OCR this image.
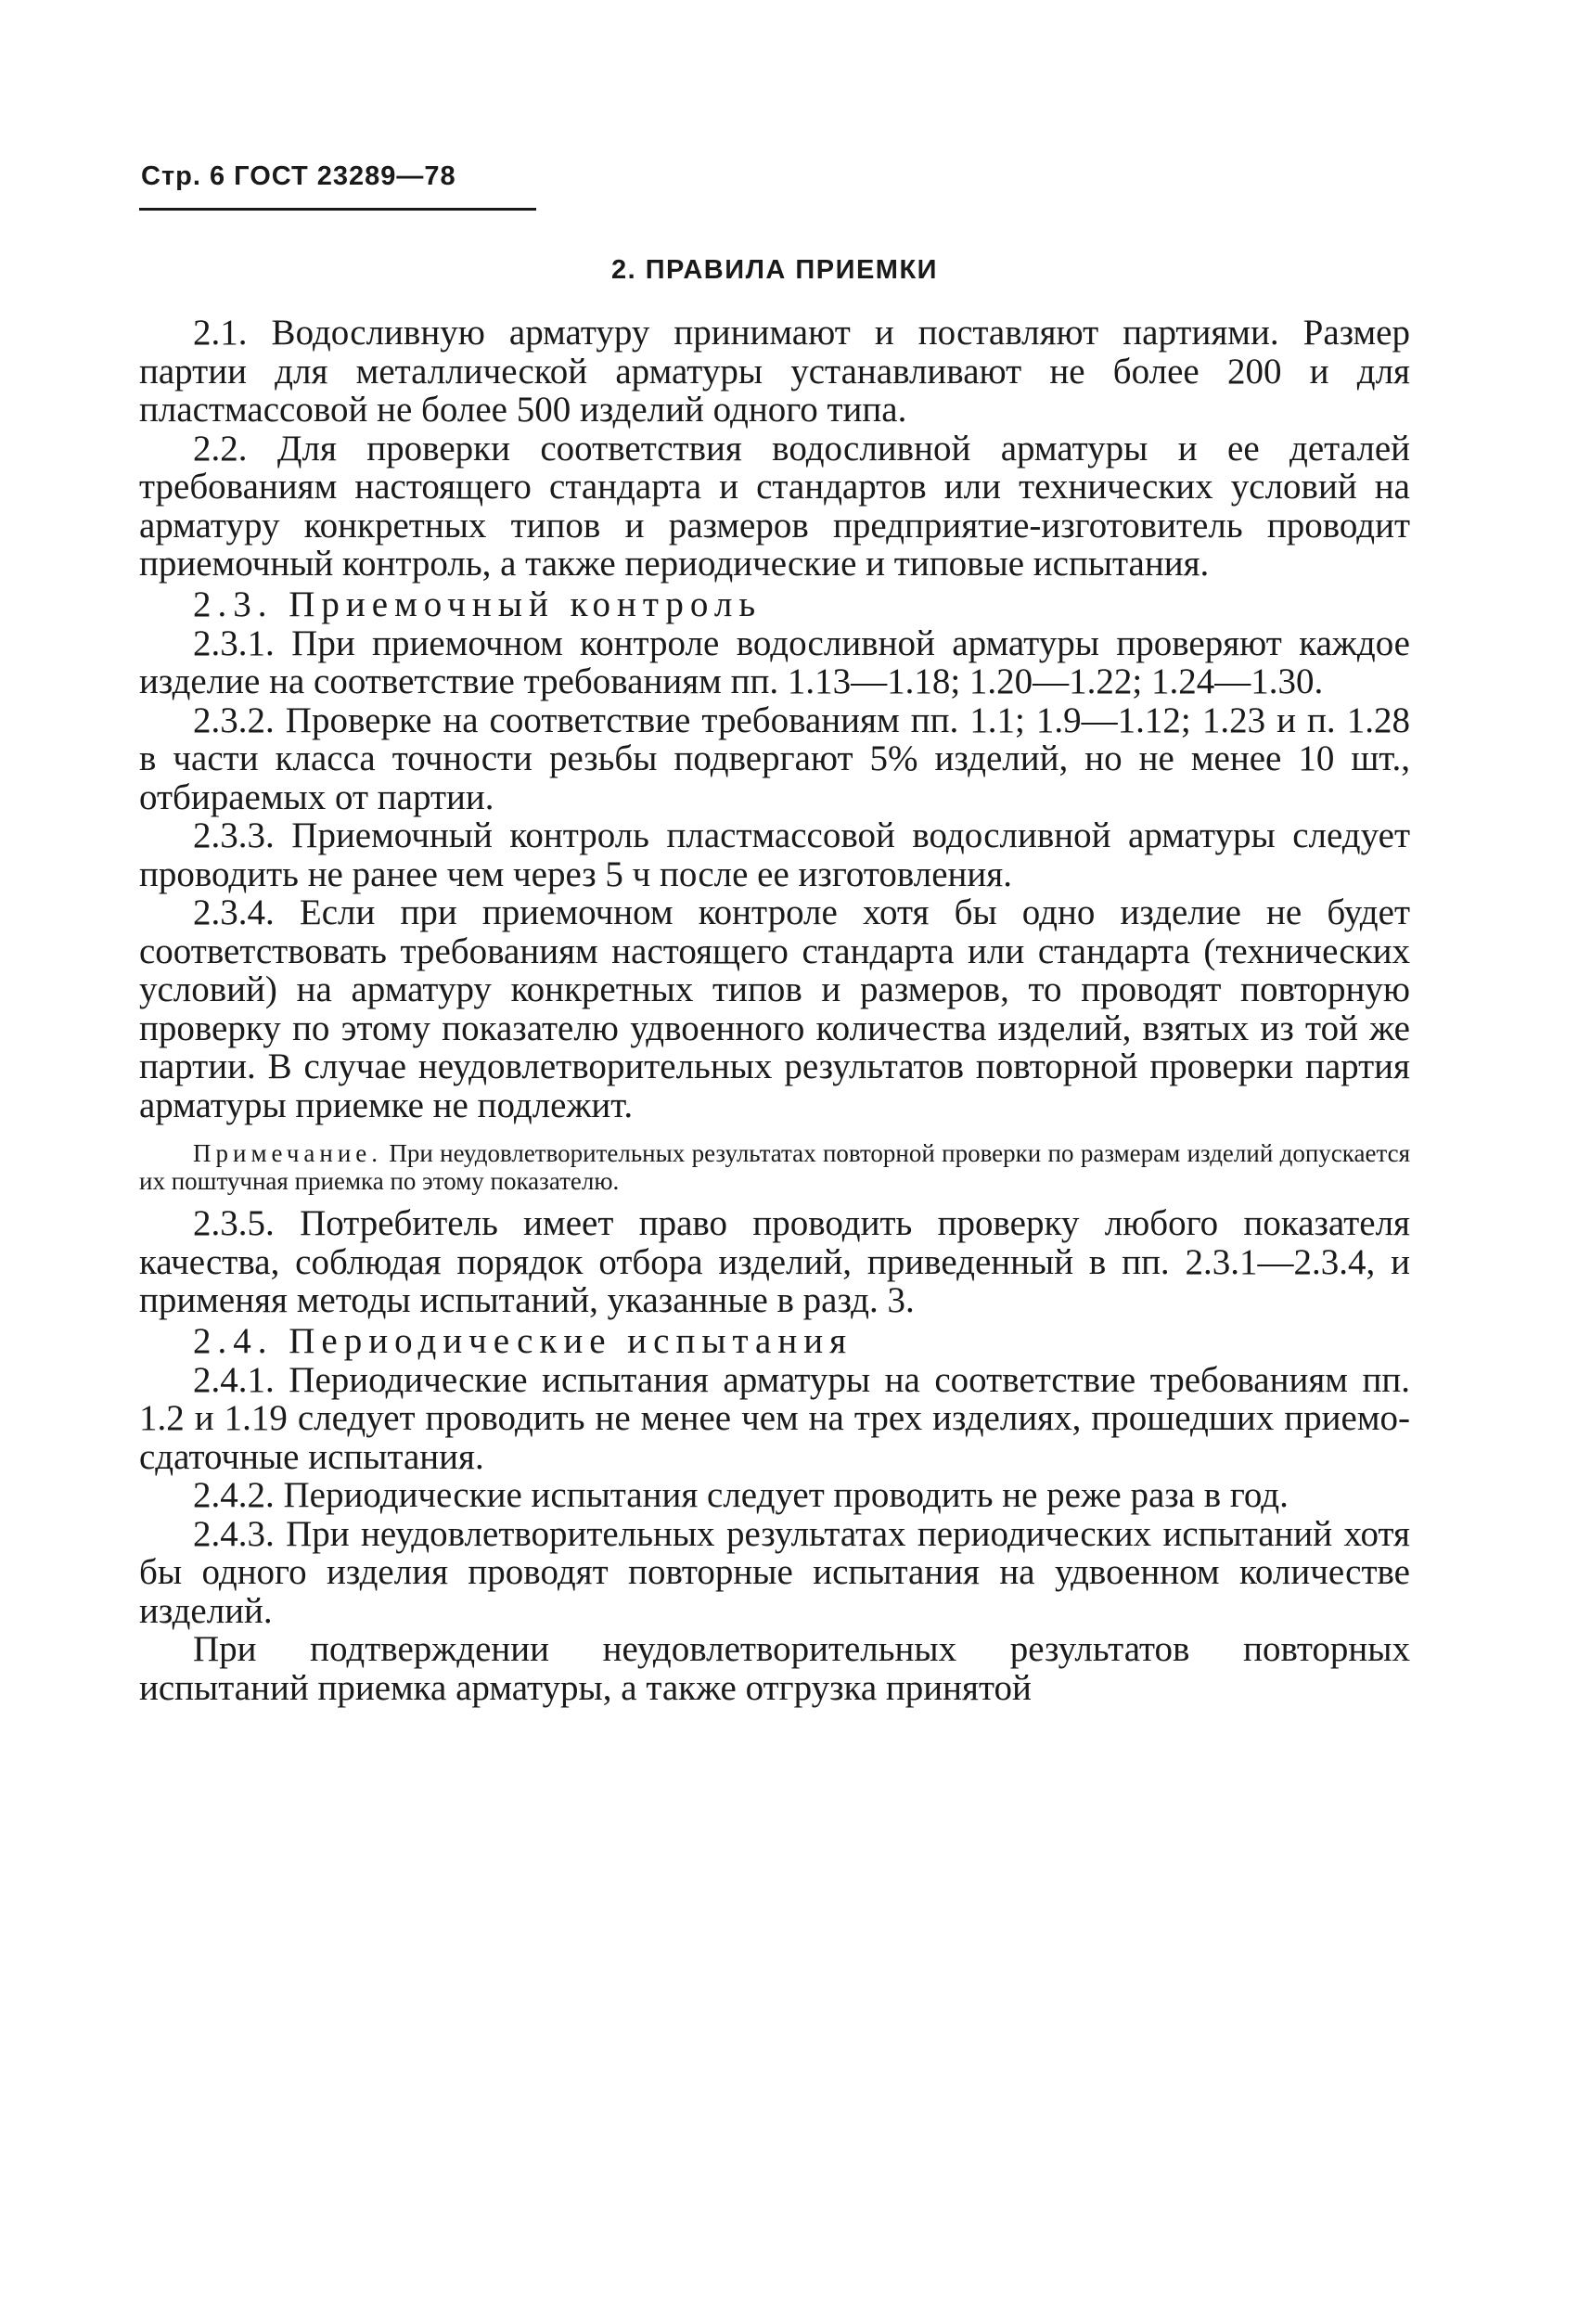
Стр. 6 ГОСТ 23289—78
2. ПРАВИЛА ПРИЕМКИ

2.1. Водосливную арматуру принимают и поставляют партиями. Размер партии для металлической арматуры устанавливают не более 200 и для пластмассовой не более 500 изделий одного типа.

2.2. Для проверки соответствия водосливной арматуры и ее деталей требованиям настоящего стандарта и стандартов или технических условий на арматуру конкретных типов и размеров предприятие-изготовитель проводит приемочный контроль, а также периодические и типовые испытания.

2.3. Приемочный контроль

2.3.1. При приемочном контроле водосливной арматуры проверяют каждое изделие на соответствие требованиям пп. 1.13—1.18; 1.20—1.22; 1.24—1.30.

2.3.2. Проверке на соответствие требованиям пп. 1.1; 1.9—1.12; 1.23 и п. 1.28 в части класса точности резьбы подвергают 5% изделий, но не менее 10 шт., отбираемых от партии.

2.3.3. Приемочный контроль пластмассовой водосливной арматуры следует проводить не ранее чем через 5 ч после ее изготовления.

2.3.4. Если при приемочном контроле хотя бы одно изделие не будет соответствовать требованиям настоящего стандарта или стандарта (технических условий) на арматуру конкретных типов и размеров, то проводят повторную проверку по этому показателю удвоенного количества изделий, взятых из той же партии. В случае неудовлетворительных результатов повторной проверки партия арматуры приемке не подлежит.

Примечание. При неудовлетворительных результатах повторной проверки по размерам изделий допускается их поштучная приемка по этому показателю.

2.3.5. Потребитель имеет право проводить проверку любого показателя качества, соблюдая порядок отбора изделий, приведенный в пп. 2.3.1—2.3.4, и применяя методы испытаний, указанные в разд. 3.

2.4. Периодические испытания

2.4.1. Периодические испытания арматуры на соответствие требованиям пп. 1.2 и 1.19 следует проводить не менее чем на трех изделиях, прошедших приемо-сдаточные испытания.

2.4.2. Периодические испытания следует проводить не реже раза в год.

2.4.3. При неудовлетворительных результатах периодических испытаний хотя бы одного изделия проводят повторные испытания на удвоенном количестве изделий.

При подтверждении неудовлетворительных результатов повторных испытаний приемка арматуры, а также отгрузка принятой
